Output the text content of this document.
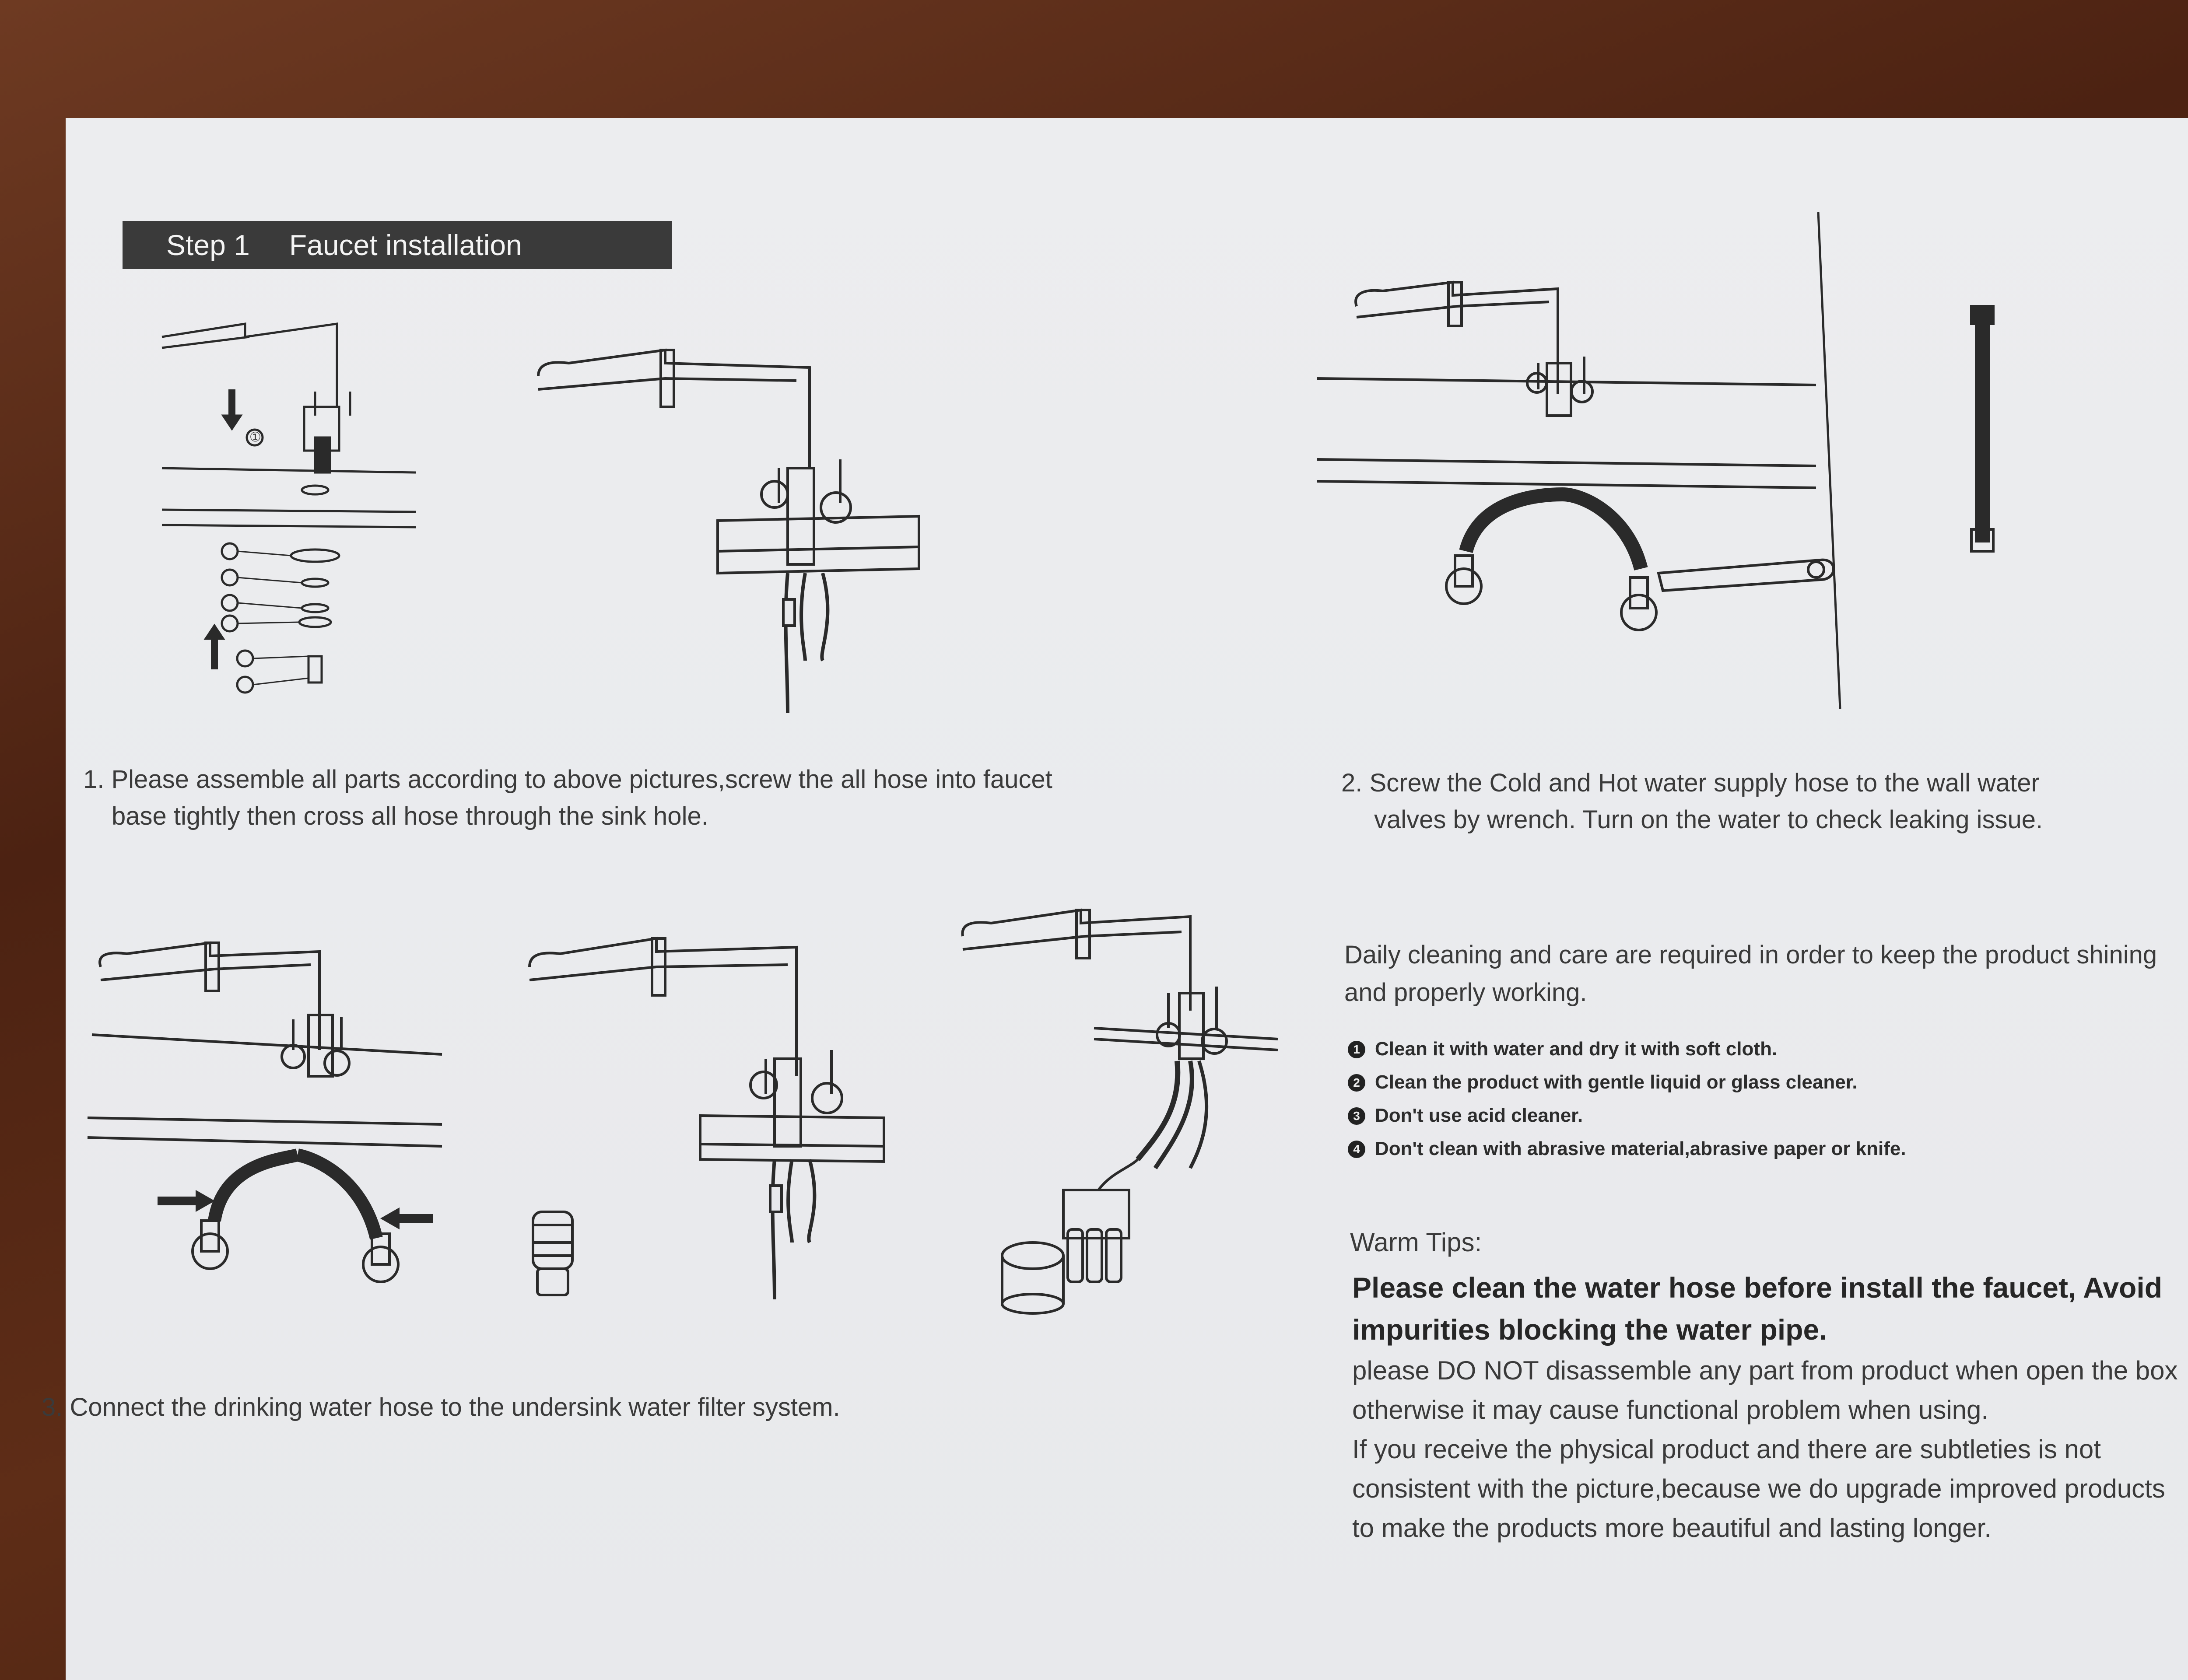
Step 1 Faucet installation
①
1. Please assemble all parts according to above pictures,screw the all hose into faucet
base tightly then cross all hose through the sink hole.
2. Screw the Cold and Hot water supply hose to the wall water
valves by wrench. Turn on the water to check leaking issue.
3. Connect the drinking water hose to the undersink water filter system.
Daily cleaning and care are required in order to keep the product shining
and properly working.
1 Clean it with water and dry it with soft cloth.
2 Clean the product with gentle liquid or glass cleaner.
3 Don't use acid cleaner.
4 Don't clean with abrasive material,abrasive paper or knife.
Warm Tips:
Please clean the water hose before install the faucet, Avoid
impurities blocking the water pipe.
please DO NOT disassemble any part from product when open the box
otherwise it may cause functional problem when using.
If you receive the physical product and there are subtleties is not
consistent with the picture,because we do upgrade improved products
to make the products more beautiful and lasting longer.
